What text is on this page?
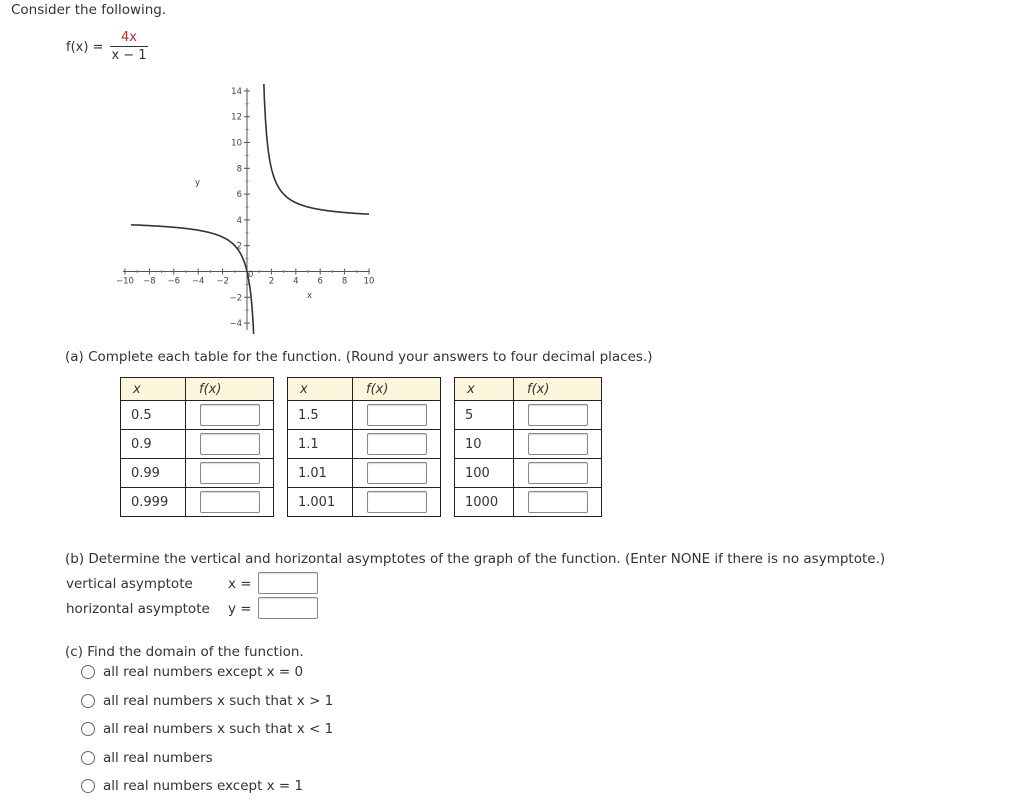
Consider the following.
$f(x) = \frac{4x}{x - 1}$
−10 −8 −6 −4 −2	2 4 6 8 10
14
12
10
8
6
4
2
−2
−4
0
y
x
(a) Complete each table for the function. (Round your answers to four decimal places.)
x	f(x)
0.5	
0.9	
0.99	
0.999	
x	f(x)
1.5	
1.1	
1.01	
1.001	
x	f(x)
5	
10	
100	
1000	
(b) Determine the vertical and horizontal asymptotes of the graph of the function. (Enter NONE if there is no asymptote.)
vertical asymptote	x =
horizontal asymptote y =
(c) Find the domain of the function.
all real numbers except x = 0
all real numbers x such that x > 1
all real numbers x such that x < 1
all real numbers
all real numbers except x = 1
